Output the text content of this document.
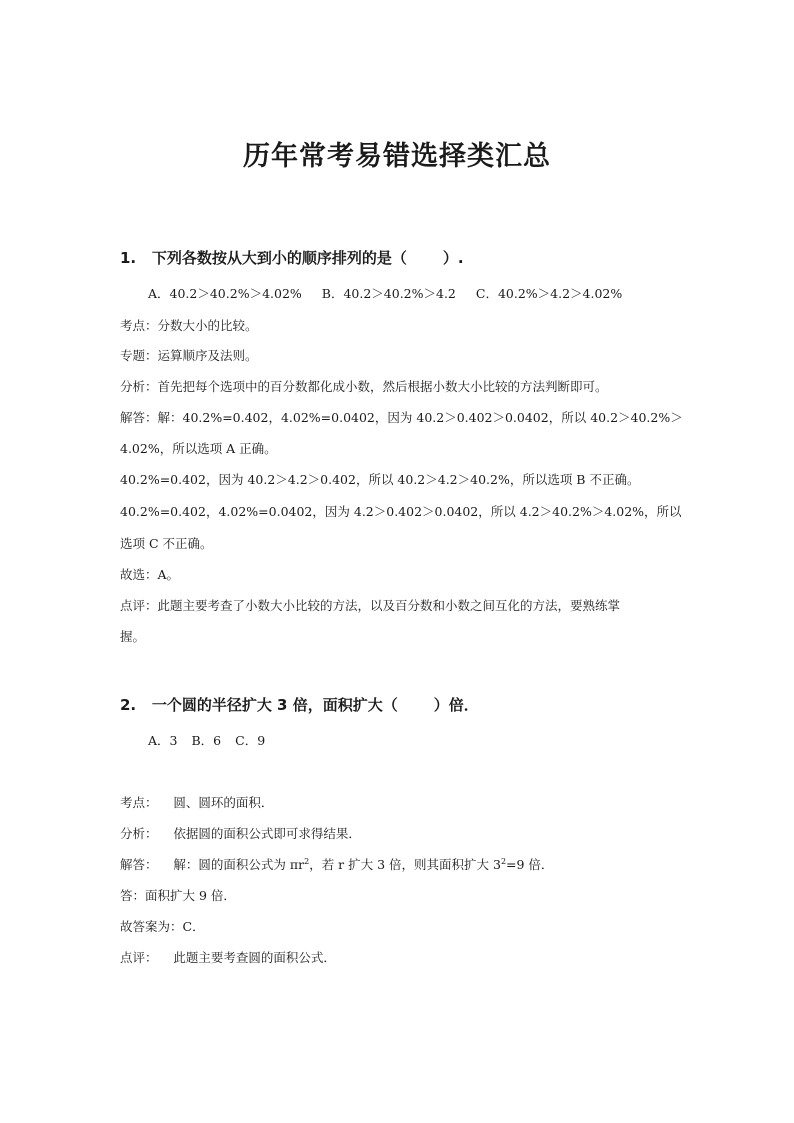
历年常考易错选择类汇总
1. 下列各数按从大到小的顺序排列的是（ ）.
A．40.2＞40.2%＞4.02% B．40.2＞40.2%＞4.2 C．40.2%＞4.2＞4.02%
考点：分数大小的比较。
专题：运算顺序及法则。
分析：首先把每个选项中的百分数都化成小数，然后根据小数大小比较的方法判断即可。
解答：解：40.2%=0.402，4.02%=0.0402，因为 40.2＞0.402＞0.0402，所以 40.2＞40.2%＞
4.02%，所以选项 A 正确。
40.2%=0.402，因为 40.2＞4.2＞0.402，所以 40.2＞4.2＞40.2%，所以选项 B 不正确。
40.2%=0.402，4.02%=0.0402，因为 4.2＞0.402＞0.0402，所以 4.2＞40.2%＞4.02%，所以
选项 C 不正确。
故选：A。
点评：此题主要考查了小数大小比较的方法，以及百分数和小数之间互化的方法，要熟练掌
握。
2. 一个圆的半径扩大 3 倍，面积扩大（ ）倍．
A．3 B．6 C．9
考点： 圆、圆环的面积．
分析： 依据圆的面积公式即可求得结果．
解答： 解：圆的面积公式为 $\pi r^2$，若 r 扩大 3 倍，则其面积扩大 $3^2=9$ 倍．
答：面积扩大 9 倍．
故答案为：C．
点评： 此题主要考查圆的面积公式．
